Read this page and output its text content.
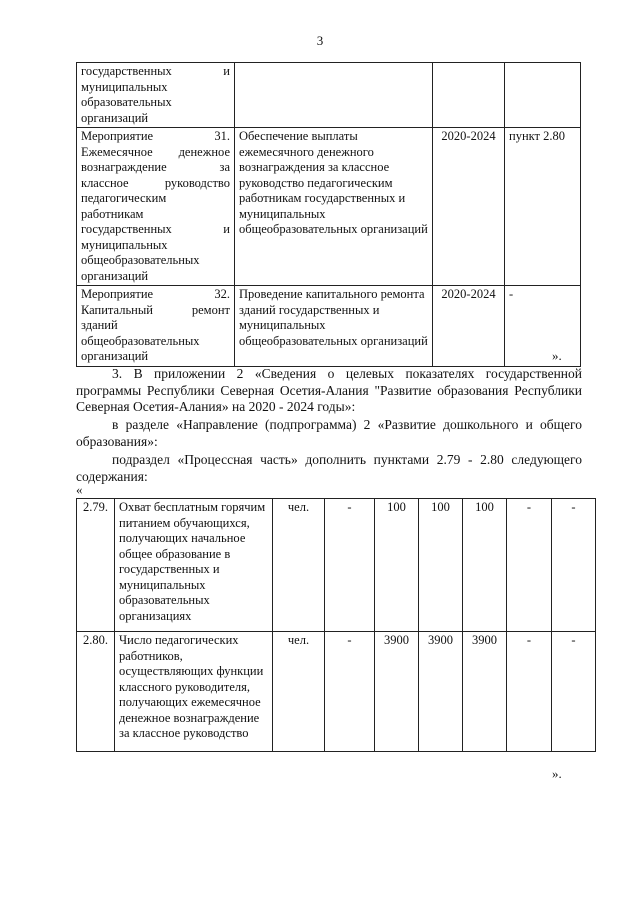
3
государственных и муниципальных образовательных организаций			
Мероприятие 31. Ежемесячное денежное вознаграждение за классное руководство педагогическим работникам государственных и муниципальных общеобразовательных организаций	Обеспечение выплаты ежемесячного денежного вознаграждения за классное руководство педагогическим работникам государственных и муниципальных общеобразовательных организаций	2020-2024	пункт 2.80
Мероприятие 32. Капитальный ремонт зданий общеобразовательных организаций	Проведение капитального ремонта зданий государственных и муниципальных общеобразовательных организаций	2020-2024	-
».
3. В приложении 2 «Сведения о целевых показателях государственной программы Республики Северная Осетия-Алания "Развитие образования Республики Северная Осетия-Алания» на 2020 - 2024 годы»:
в разделе «Направление (подпрограмма) 2 «Развитие дошкольного и общего образования»:
подраздел «Процессная часть» дополнить пунктами 2.79 - 2.80 следующего содержания:
«
2.79.	Охват бесплатным горячим питанием обучающихся, получающих начальное общее образование в государственных и муниципальных образовательных организациях	чел.	-	100	100	100	-	-
2.80.	Число педагогических работников, осуществляющих функции классного руководителя, получающих ежемесячное денежное вознаграждение за классное руководство	чел.	-	3900	3900	3900	-	-
».
